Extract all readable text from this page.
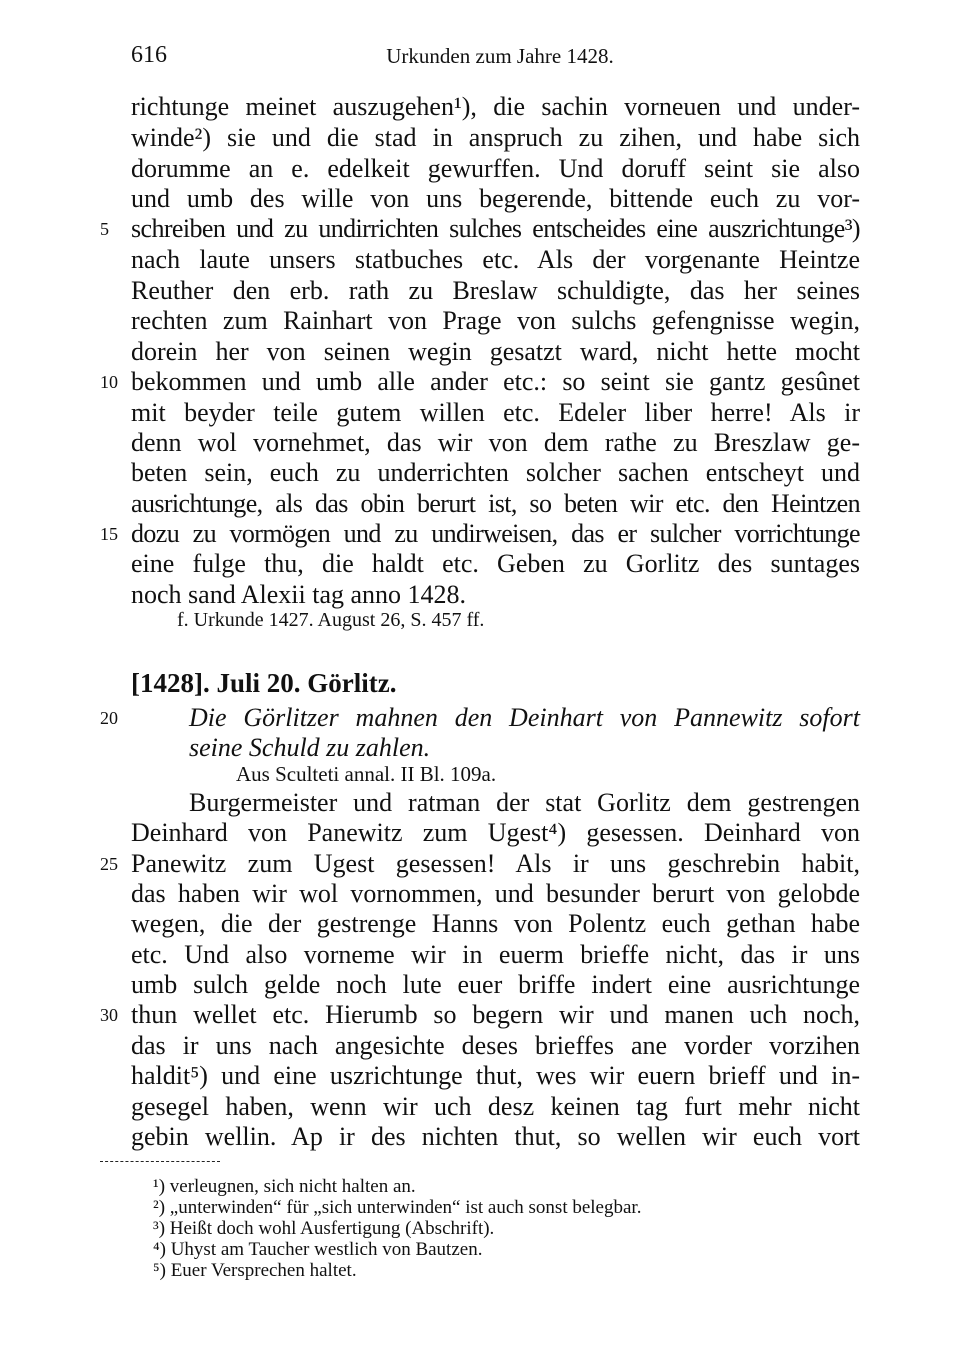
616	Urkunden zum Jahre 1428.
richtunge meinet auszugehen¹), die sachin vorneuen und under-
winde²) sie und die stad in anspruch zu zihen, und habe sich
dorumme an e. edelkeit gewurffen. Und doruff seint sie also
und umb des wille von uns begerende, bittende euch zu vor-
schreiben und zu undirrichten sulches entscheides eine auszrichtunge³)
nach laute unsers statbuches etc. Als der vorgenante Heintze
Reuther den erb. rath zu Breslaw schuldigte, das her seines
rechten zum Rainhart von Prage von sulchs gefengnisse wegin,
dorein her von seinen wegin gesatzt ward, nicht hette mocht
bekommen und umb alle ander etc.: so seint sie gantz gesûnet
mit beyder teile gutem willen etc. Edeler liber herre! Als ir
denn wol vornehmet, das wir von dem rathe zu Breszlaw ge-
beten sein, euch zu underrichten solcher sachen entscheyt und
ausrichtunge, als das obin berurt ist, so beten wir etc. den Heintzen
dozu zu vormögen und zu undirweisen, das er sulcher vorrichtunge
eine fulge thu, die haldt etc. Geben zu Gorlitz des suntages
noch sand Alexii tag anno 1428.
5
10
15
f. Urkunde 1427. August 26, S. 457 ff.
[1428]. Juli 20. Görlitz.
Die Görlitzer mahnen den Deinhart von Pannewitz sofort
seine Schuld zu zahlen.
Aus Sculteti annal. II Bl. 109a.
Burgermeister und ratman der stat Gorlitz dem gestrengen
Deinhard von Panewitz zum Ugest⁴) gesessen. Deinhard von
Panewitz zum Ugest gesessen! Als ir uns geschrebin habit,
das haben wir wol vornommen, und besunder berurt von gelobde
wegen, die der gestrenge Hanns von Polentz euch gethan habe
etc. Und also vorneme wir in euerm brieffe nicht, das ir uns
umb sulch gelde noch lute euer briffe indert eine ausrichtunge
thun wellet etc. Hierumb so begern wir und manen uch noch,
das ir uns nach angesichte deses brieffes ane vorder vorzihen
haldit⁵) und eine uszrichtunge thut, wes wir euern brieff und in-
gesegel haben, wenn wir uch desz keinen tag furt mehr nicht
gebin wellin. Ap ir des nichten thut, so wellen wir euch vort
20
25
30
¹) verleugnen, sich nicht halten an.
²) „unterwinden“ für „sich unterwinden“ ist auch sonst belegbar.
³) Heißt doch wohl Ausfertigung (Abschrift).
⁴) Uhyst am Taucher westlich von Bautzen.
⁵) Euer Versprechen haltet.
